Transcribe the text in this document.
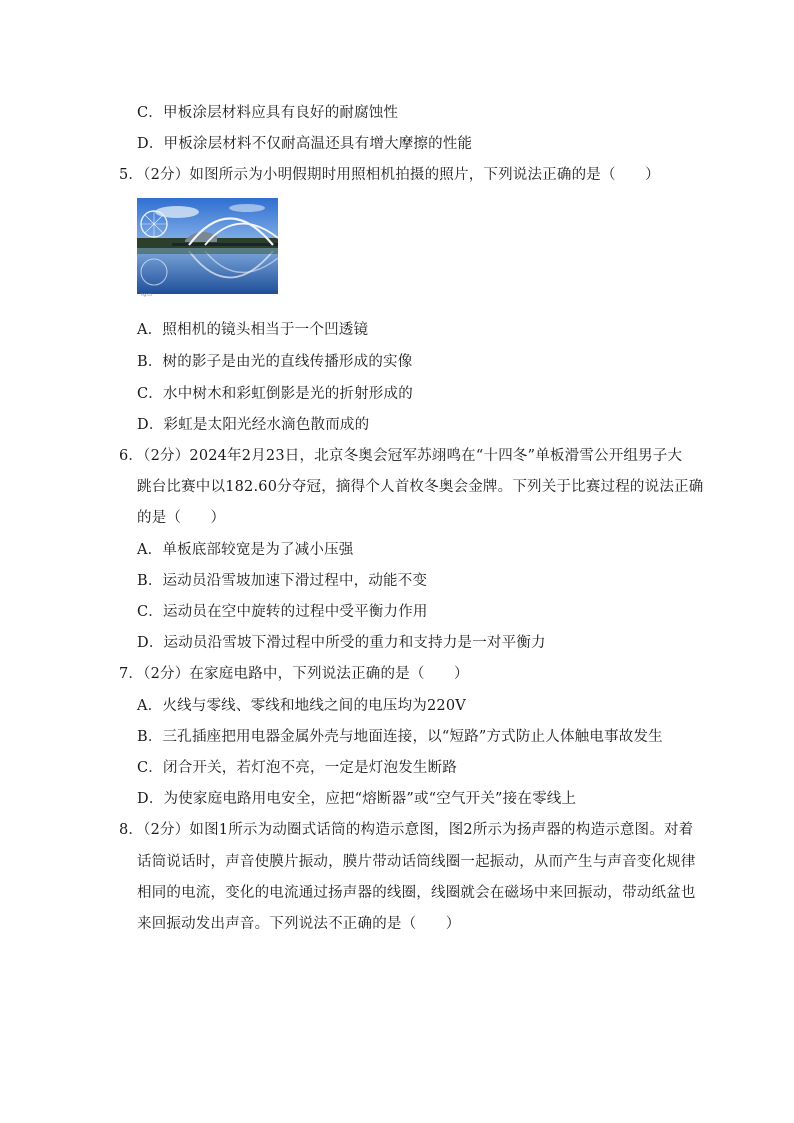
C．甲板涂层材料应具有良好的耐腐蚀性
D．甲板涂层材料不仅耐高温还具有增大摩擦的性能
5．（2分）如图所示为小明假期时用照相机拍摄的照片，下列说法正确的是（　　）
ng.cn
A．照相机的镜头相当于一个凹透镜
B．树的影子是由光的直线传播形成的实像
C．水中树木和彩虹倒影是光的折射形成的
D．彩虹是太阳光经水滴色散而成的
6．（2分）2024年2月23日，北京冬奥会冠军苏翊鸣在“十四冬”单板滑雪公开组男子大
跳台比赛中以182.60分夺冠，摘得个人首枚冬奥会金牌。下列关于比赛过程的说法正确
的是（　　）
A．单板底部较宽是为了减小压强
B．运动员沿雪坡加速下滑过程中，动能不变
C．运动员在空中旋转的过程中受平衡力作用
D．运动员沿雪坡下滑过程中所受的重力和支持力是一对平衡力
7．（2分）在家庭电路中，下列说法正确的是（　　）
A．火线与零线、零线和地线之间的电压均为220V
B．三孔插座把用电器金属外壳与地面连接，以“短路”方式防止人体触电事故发生
C．闭合开关，若灯泡不亮，一定是灯泡发生断路
D．为使家庭电路用电安全，应把“熔断器”或“空气开关”接在零线上
8．（2分）如图1所示为动圈式话筒的构造示意图，图2所示为扬声器的构造示意图。对着
话筒说话时，声音使膜片振动，膜片带动话筒线圈一起振动，从而产生与声音变化规律
相同的电流，变化的电流通过扬声器的线圈，线圈就会在磁场中来回振动，带动纸盆也
来回振动发出声音。下列说法不正确的是（　　）
